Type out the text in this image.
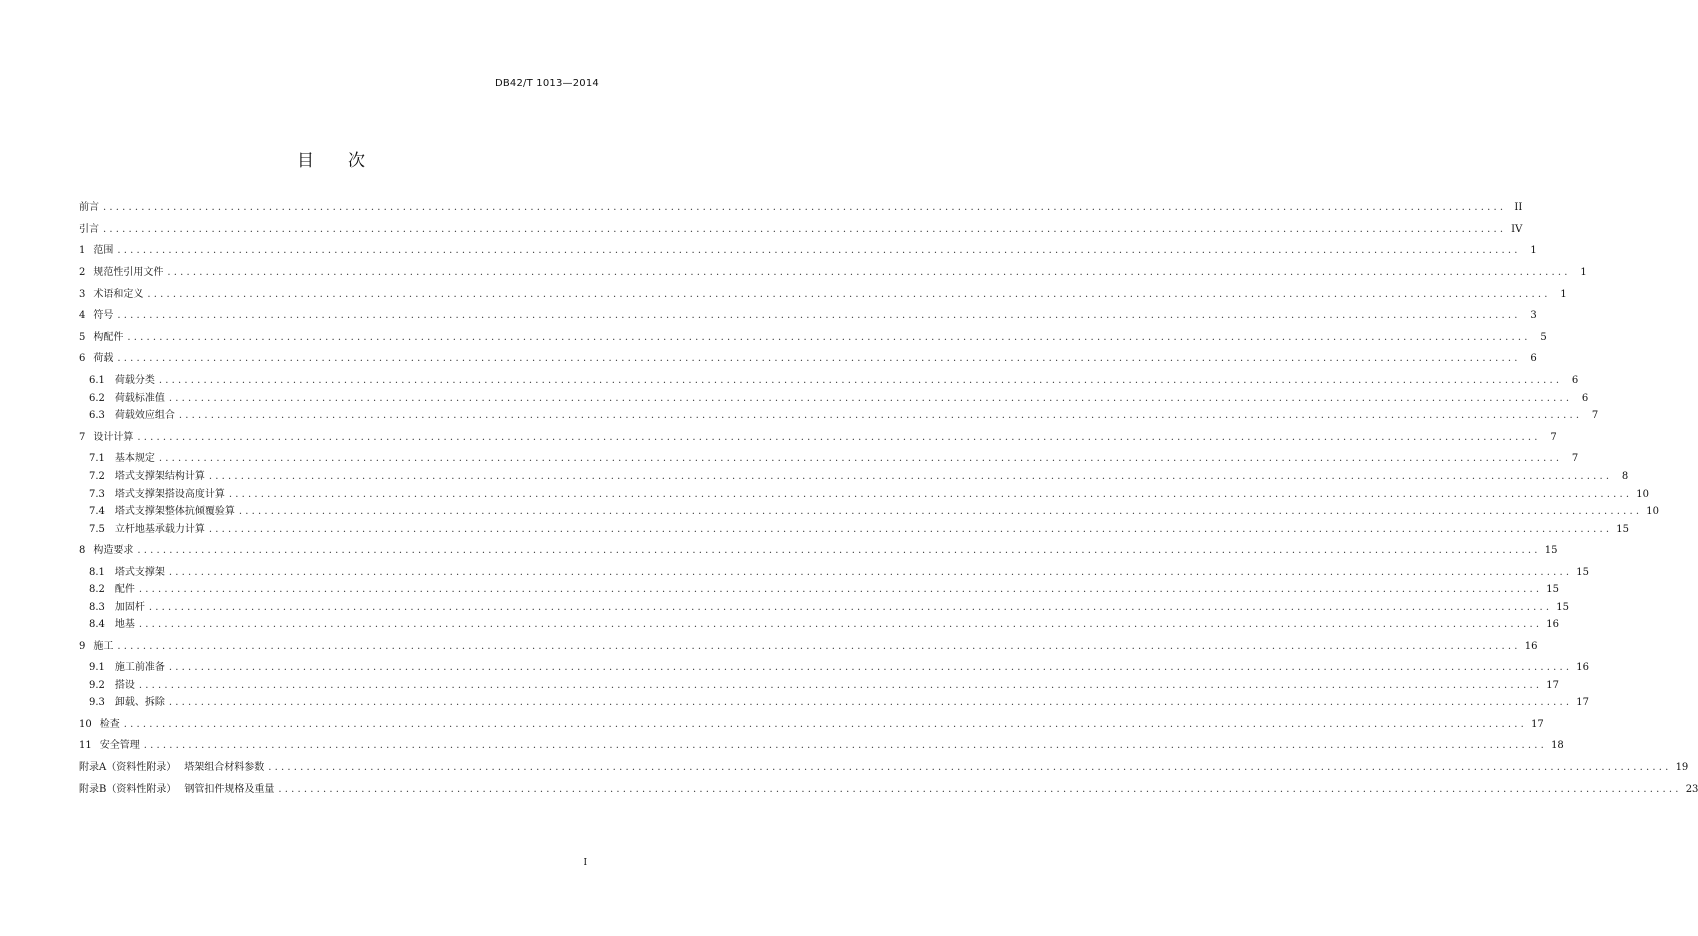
DB42/T 1013—2014
目 次
前言 ............................................................................................................................................................................................................................ II
引言 ............................................................................................................................................................................................................................ IV
1 范围 ............................................................................................................................................................................................................................ 1
2 规范性引用文件 ............................................................................................................................................................................................................................ 1
3 术语和定义 ............................................................................................................................................................................................................................ 1
4 符号 ............................................................................................................................................................................................................................ 3
5 构配件 ............................................................................................................................................................................................................................ 5
6 荷载 ............................................................................................................................................................................................................................ 6
6.1 荷载分类 ............................................................................................................................................................................................................................ 6
6.2 荷载标准值 ............................................................................................................................................................................................................................ 6
6.3 荷载效应组合 ............................................................................................................................................................................................................................ 7
7 设计计算 ............................................................................................................................................................................................................................ 7
7.1 基本规定 ............................................................................................................................................................................................................................ 7
7.2 塔式支撑架结构计算 ............................................................................................................................................................................................................................ 8
7.3 塔式支撑架搭设高度计算 ............................................................................................................................................................................................................................ 10
7.4 塔式支撑架整体抗倾覆验算 ............................................................................................................................................................................................................................ 10
7.5 立杆地基承载力计算 ............................................................................................................................................................................................................................ 15
8 构造要求 ............................................................................................................................................................................................................................ 15
8.1 塔式支撑架 ............................................................................................................................................................................................................................ 15
8.2 配件 ............................................................................................................................................................................................................................ 15
8.3 加固杆 ............................................................................................................................................................................................................................ 15
8.4 地基 ............................................................................................................................................................................................................................ 16
9 施工 ............................................................................................................................................................................................................................ 16
9.1 施工前准备 ............................................................................................................................................................................................................................ 16
9.2 搭设 ............................................................................................................................................................................................................................ 17
9.3 卸载、拆除 ............................................................................................................................................................................................................................ 17
10 检查 ............................................................................................................................................................................................................................ 17
11 安全管理 ............................................................................................................................................................................................................................ 18
附录A（资料性附录） 塔架组合材料参数 ............................................................................................................................................................................................................................ 19
附录B（资料性附录） 钢管扣件规格及重量 ............................................................................................................................................................................................................................ 23
I
